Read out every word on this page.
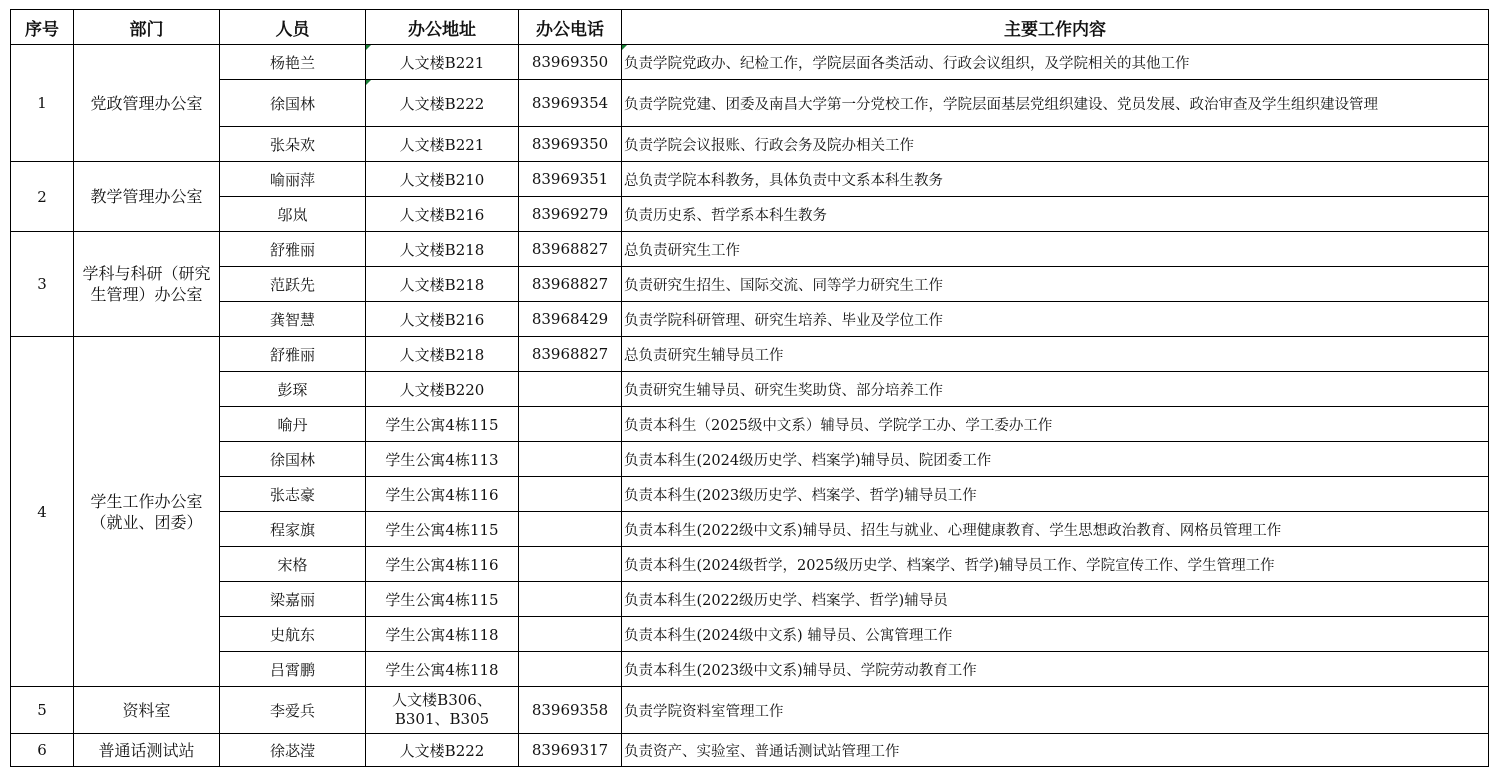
序号	部门	人员	办公地址	办公电话	主要工作内容
1	党政管理办公室	杨艳兰	人文楼B221	83969350	负责学院党政办、纪检工作，学院层面各类活动、行政会议组织，及学院相关的其他工作
		徐国林	人文楼B222	83969354	负责学院党建、团委及南昌大学第一分党校工作，学院层面基层党组织建设、党员发展、政治审查及学生组织建设管理
		张朵欢	人文楼B221	83969350	负责学院会议报账、行政会务及院办相关工作
2	教学管理办公室	喻丽萍	人文楼B210	83969351	总负责学院本科教务，具体负责中文系本科生教务
		邬岚	人文楼B216	83969279	负责历史系、哲学系本科生教务
3	学科与科研（研究生管理）办公室	舒雅丽	人文楼B218	83968827	总负责研究生工作
		范跃先	人文楼B218	83968827	负责研究生招生、国际交流、同等学力研究生工作
		龚智慧	人文楼B216	83968429	负责学院科研管理、研究生培养、毕业及学位工作
4	学生工作办公室（就业、团委）	舒雅丽	人文楼B218	83968827	总负责研究生辅导员工作
		彭琛	人文楼B220		负责研究生辅导员、研究生奖助贷、部分培养工作
		喻丹	学生公寓4栋115		负责本科生（2025级中文系）辅导员、学院学工办、学工委办工作
		徐国林	学生公寓4栋113		负责本科生(2024级历史学、档案学)辅导员、院团委工作
		张志豪	学生公寓4栋116		负责本科生(2023级历史学、档案学、哲学)辅导员工作
		程家旗	学生公寓4栋115		负责本科生(2022级中文系)辅导员、招生与就业、心理健康教育、学生思想政治教育、网格员管理工作
		宋格	学生公寓4栋116		负责本科生(2024级哲学，2025级历史学、档案学、哲学)辅导员工作、学院宣传工作、学生管理工作
		梁嘉丽	学生公寓4栋115		负责本科生(2022级历史学、档案学、哲学)辅导员
		史航东	学生公寓4栋118		负责本科生(2024级中文系) 辅导员、公寓管理工作
		吕霄鹏	学生公寓4栋118		负责本科生(2023级中文系)辅导员、学院劳动教育工作
5	资料室	李爱兵	人文楼B306、B301、B305	83969358	负责学院资料室管理工作
6	普通话测试站	徐苾滢	人文楼B222	83969317	负责资产、实验室、普通话测试站管理工作
